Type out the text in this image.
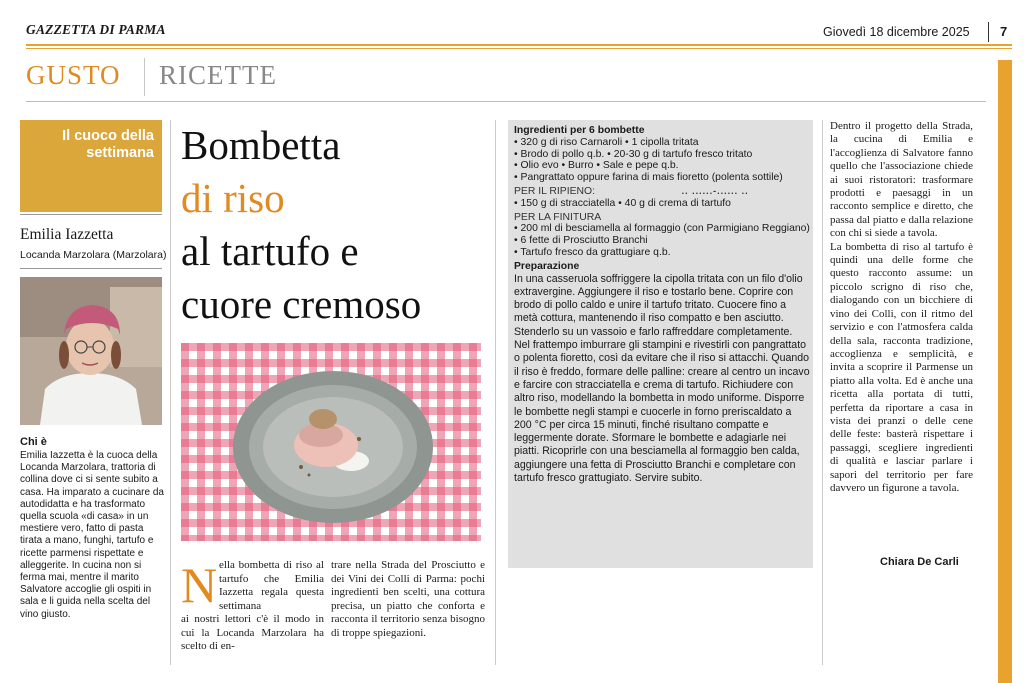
GAZZETTA DI PARMA	Giovedì 18 dicembre 2025 7
GUSTO RICETTE
Il cuoco della settimana
Emilia Iazzetta
Locanda Marzolara (Marzolara)
Chi è
Emilia Iazzetta è la cuoca della Locanda Marzolara, trattoria di collina dove ci si sente subito a casa. Ha imparato a cucinare da autodidatta e ha trasformato quella scuola «di casa» in un mestiere vero, fatto di pasta tirata a mano, funghi, tartufo e ricette parmensi rispettate e alleggerite. In cucina non si ferma mai, mentre il marito Salvatore accoglie gli ospiti in sala e li guida nella scelta del vino giusto.
Bombetta
di riso
al tartufo e
cuore cremoso
N ella bombetta di riso al tartufo che Emilia Iazzetta regala questa settimana
ai nostri lettori c'è il modo in cui la Locanda Marzolara ha scelto di en-
trare nella Strada del Prosciutto e dei Vini dei Colli di Parma: pochi ingredienti ben scelti, una cottura precisa, un piatto che conforta e racconta il territorio senza bisogno di troppe spiegazioni.
Ingredienti per 6 bombette
• 320 g di riso Carnaroli • 1 cipolla tritata
• Brodo di pollo q.b. • 20-30 g di tartufo fresco tritato
• Olio evo • Burro • Sale e pepe q.b.
• Pangrattato oppure farina di mais fioretto (polenta sottile)
PER IL RIPIENO:	.. ......-...... ..
• 150 g di stracciatella • 40 g di crema di tartufo
PER LA FINITURA
• 200 ml di besciamella al formaggio (con Parmigiano Reggiano)
• 6 fette di Prosciutto Branchi
• Tartufo fresco da grattugiare q.b.
Preparazione
In una casseruola soffriggere la cipolla tritata con un filo d'olio extravergine. Aggiungere il riso e tostarlo bene. Coprire con brodo di pollo caldo e unire il tartufo tritato. Cuocere fino a metà cottura, mantenendo il riso compatto e ben asciutto. Stenderlo su un vassoio e farlo raffreddare completamente. Nel frattempo imburrare gli stampini e rivestirli con pangrattato o polenta fioretto, così da evitare che il riso si attacchi. Quando il riso è freddo, formare delle palline: creare al centro un incavo e farcire con stracciatella e crema di tartufo. Richiudere con altro riso, modellando la bombetta in modo uniforme. Disporre le bombette negli stampi e cuocerle in forno preriscaldato a 200 °C per circa 15 minuti, finché risultano compatte e leggermente dorate. Sformare le bombette e adagiarle nei piatti. Ricoprirle con una besciamella al formaggio ben calda, aggiungere una fetta di Prosciutto Branchi e completare con tartufo fresco grattugiato. Servire subito.
Dentro il progetto della Strada, la cucina di Emilia e l'accoglienza di Salvatore fanno quello che l'associazione chiede ai suoi ristoratori: trasformare prodotti e paesaggi in un racconto semplice e diretto, che passa dal piatto e dalla relazione con chi si siede a tavola.
La bombetta di riso al tartufo è quindi una delle forme che questo racconto assume: un piccolo scrigno di riso che, dialogando con un bicchiere di vino dei Colli, con il ritmo del servizio e con l'atmosfera calda della sala, racconta tradizione, accoglienza e semplicità, e invita a scoprire il Parmense un piatto alla volta. Ed è anche una ricetta alla portata di tutti, perfetta da riportare a casa in vista dei pranzi o delle cene delle feste: basterà rispettare i passaggi, scegliere ingredienti di qualità e lasciar parlare i sapori del territorio per fare davvero un figurone a tavola.
Chiara De Carli
